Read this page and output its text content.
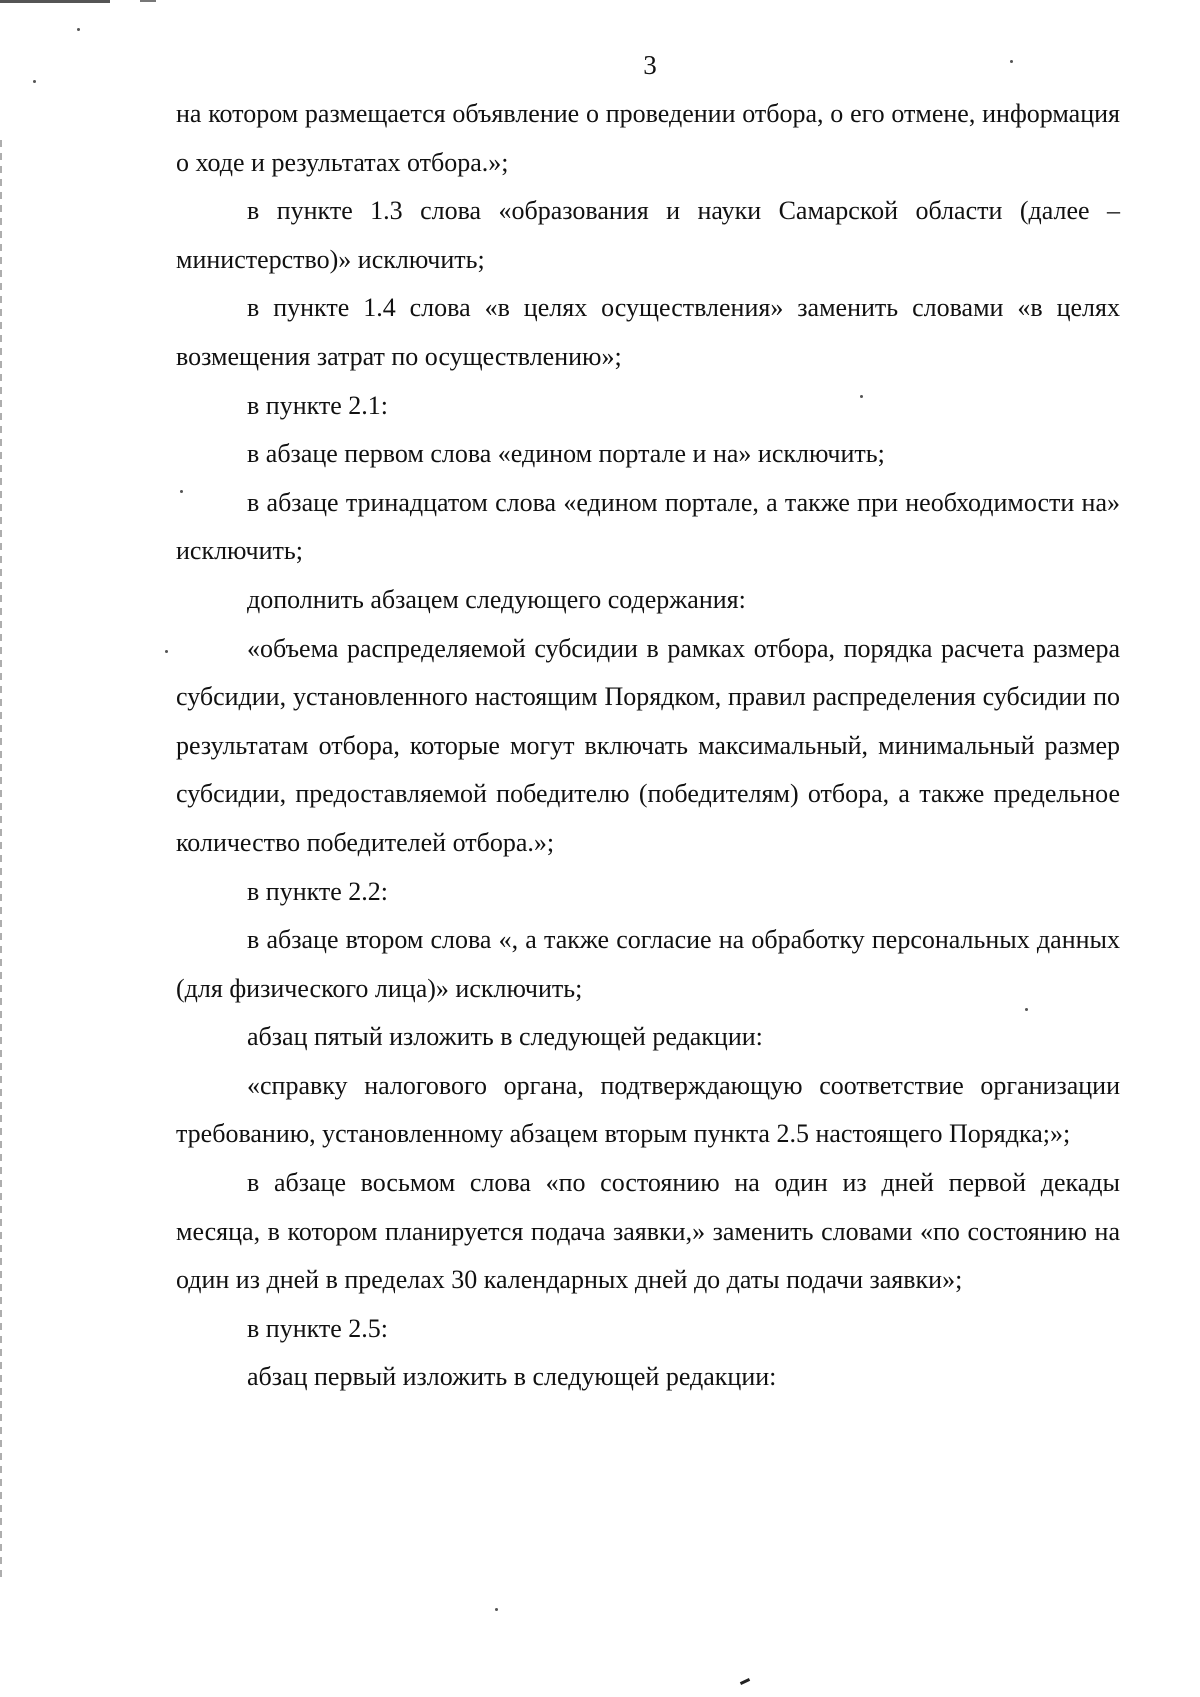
3

на котором размещается объявление о проведении отбора, о его отмене, информация о ходе и результатах отбора.»;

в пункте 1.3 слова «образования и науки Самарской области (далее – министерство)» исключить;

в пункте 1.4 слова «в целях осуществления» заменить словами «в целях возмещения затрат по осуществлению»;

в пункте 2.1:

в абзаце первом слова «едином портале и на» исключить;

в абзаце тринадцатом слова «едином портале, а также при необходимости на» исключить;

дополнить абзацем следующего содержания:

«объема распределяемой субсидии в рамках отбора, порядка расчета размера субсидии, установленного настоящим Порядком, правил распределения субсидии по результатам отбора, которые могут включать максимальный, минимальный размер субсидии, предоставляемой победителю (победителям) отбора, а также предельное количество победителей отбора.»;

в пункте 2.2:

в абзаце втором слова «, а также согласие на обработку персональных данных (для физического лица)» исключить;

абзац пятый изложить в следующей редакции:

«справку налогового органа, подтверждающую соответствие организации требованию, установленному абзацем вторым пункта 2.5 настоящего Порядка;»;

в абзаце восьмом слова «по состоянию на один из дней первой декады месяца, в котором планируется подача заявки,» заменить словами «по состоянию на один из дней в пределах 30 календарных дней до даты подачи заявки»;

в пункте 2.5:

абзац первый изложить в следующей редакции:
